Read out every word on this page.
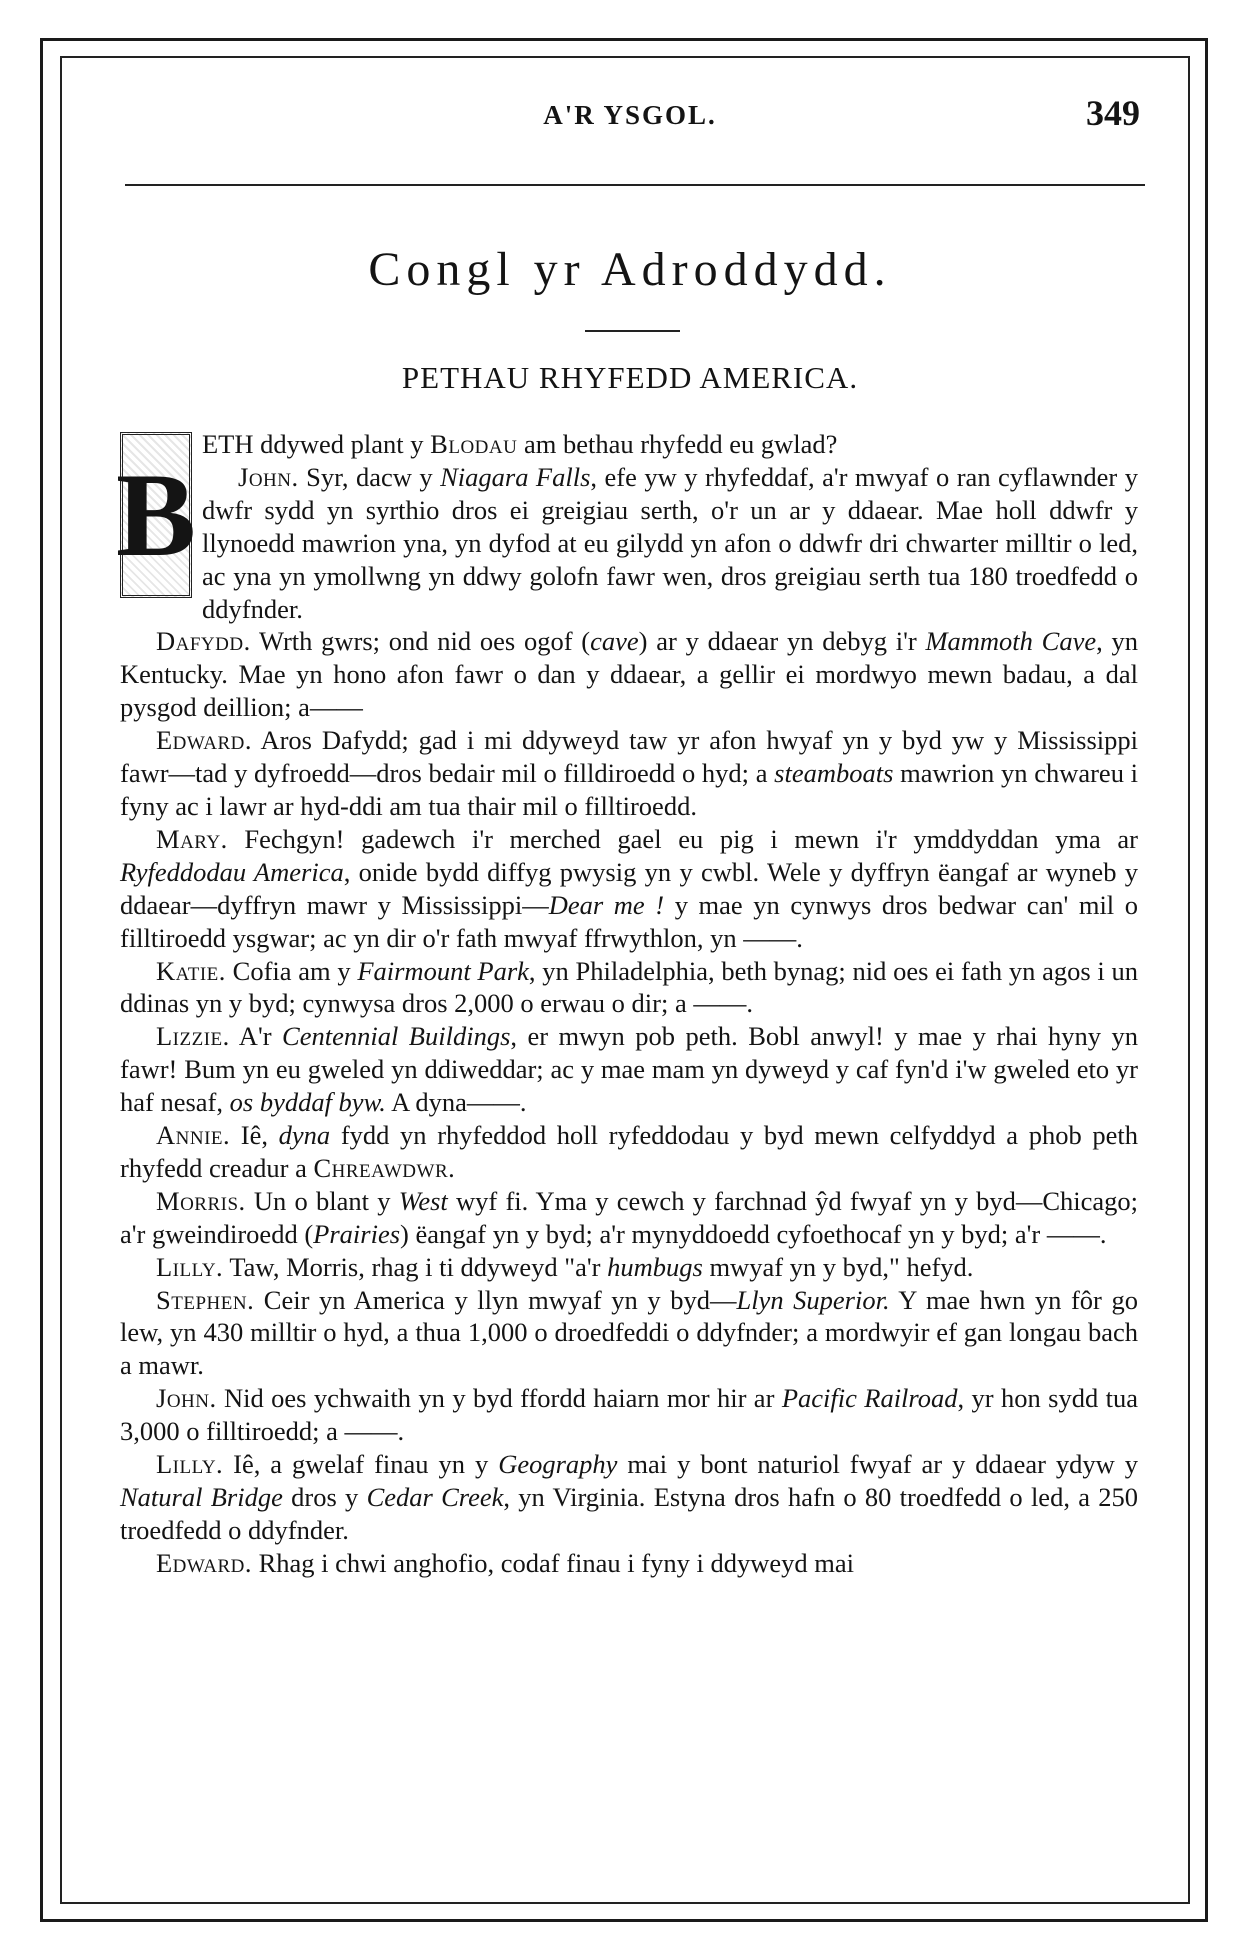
A'R YSGOL.	349
Congl yr Adroddydd.
PETHAU RHYFEDD AMERICA.

B
ETH ddywed plant y Blodau am bethau rhyfedd eu gwlad?

John. Syr, dacw y Niagara Falls, efe yw y rhyfeddaf, a'r mwyaf o ran cyflawnder y dwfr sydd yn syrthio dros ei greigiau serth, o'r un ar y ddaear. Mae holl ddwfr y llynoedd mawrion yna, yn dyfod at eu gilydd yn afon o ddwfr dri chwarter milltir o led, ac yna yn ymollwng yn ddwy golofn fawr wen, dros greigiau serth tua 180 troedfedd o ddyfnder.

Dafydd. Wrth gwrs; ond nid oes ogof (cave) ar y ddaear yn debyg i'r Mammoth Cave, yn Kentucky. Mae yn hono afon fawr o dan y ddaear, a gellir ei mordwyo mewn badau, a dal pysgod deillion; a——

Edward. Aros Dafydd; gad i mi ddyweyd taw yr afon hwyaf yn y byd yw y Mississippi fawr—tad y dyfroedd—dros bedair mil o filldiroedd o hyd; a steamboats mawrion yn chwareu i fyny ac i lawr ar hyd-ddi am tua thair mil o filltiroedd.

Mary. Fechgyn! gadewch i'r merched gael eu pig i mewn i'r ymddyddan yma ar Ryfeddodau America, onide bydd diffyg pwysig yn y cwbl. Wele y dyffryn ëangaf ar wyneb y ddaear—dyffryn mawr y Mississippi—Dear me ! y mae yn cynwys dros bedwar can' mil o filltiroedd ysgwar; ac yn dir o'r fath mwyaf ffrwythlon, yn ——.

Katie. Cofia am y Fairmount Park, yn Philadelphia, beth bynag; nid oes ei fath yn agos i un ddinas yn y byd; cynwysa dros 2,000 o erwau o dir; a ——.

Lizzie. A'r Centennial Buildings, er mwyn pob peth. Bobl anwyl! y mae y rhai hyny yn fawr! Bum yn eu gweled yn ddiweddar; ac y mae mam yn dyweyd y caf fyn'd i'w gweled eto yr haf nesaf, os byddaf byw. A dyna——.

Annie. Iê, dyna fydd yn rhyfeddod holl ryfeddodau y byd mewn celfyddyd a phob peth rhyfedd creadur a Chreawdwr.

Morris. Un o blant y West wyf fi. Yma y cewch y farchnad ŷd fwyaf yn y byd—Chicago; a'r gweindiroedd (Prairies) ëangaf yn y byd; a'r mynyddoedd cyfoethocaf yn y byd; a'r ——.

Lilly. Taw, Morris, rhag i ti ddyweyd "a'r humbugs mwyaf yn y byd," hefyd.

Stephen. Ceir yn America y llyn mwyaf yn y byd—Llyn Superior. Y mae hwn yn fôr go lew, yn 430 milltir o hyd, a thua 1,000 o droedfeddi o ddyfnder; a mordwyir ef gan longau bach a mawr.

John. Nid oes ychwaith yn y byd ffordd haiarn mor hir ar Pacific Railroad, yr hon sydd tua 3,000 o filltiroedd; a ——.

Lilly. Iê, a gwelaf finau yn y Geography mai y bont naturiol fwyaf ar y ddaear ydyw y Natural Bridge dros y Cedar Creek, yn Virginia. Estyna dros hafn o 80 troedfedd o led, a 250 troedfedd o ddyfnder.

Edward. Rhag i chwi anghofio, codaf finau i fyny i ddyweyd mai
